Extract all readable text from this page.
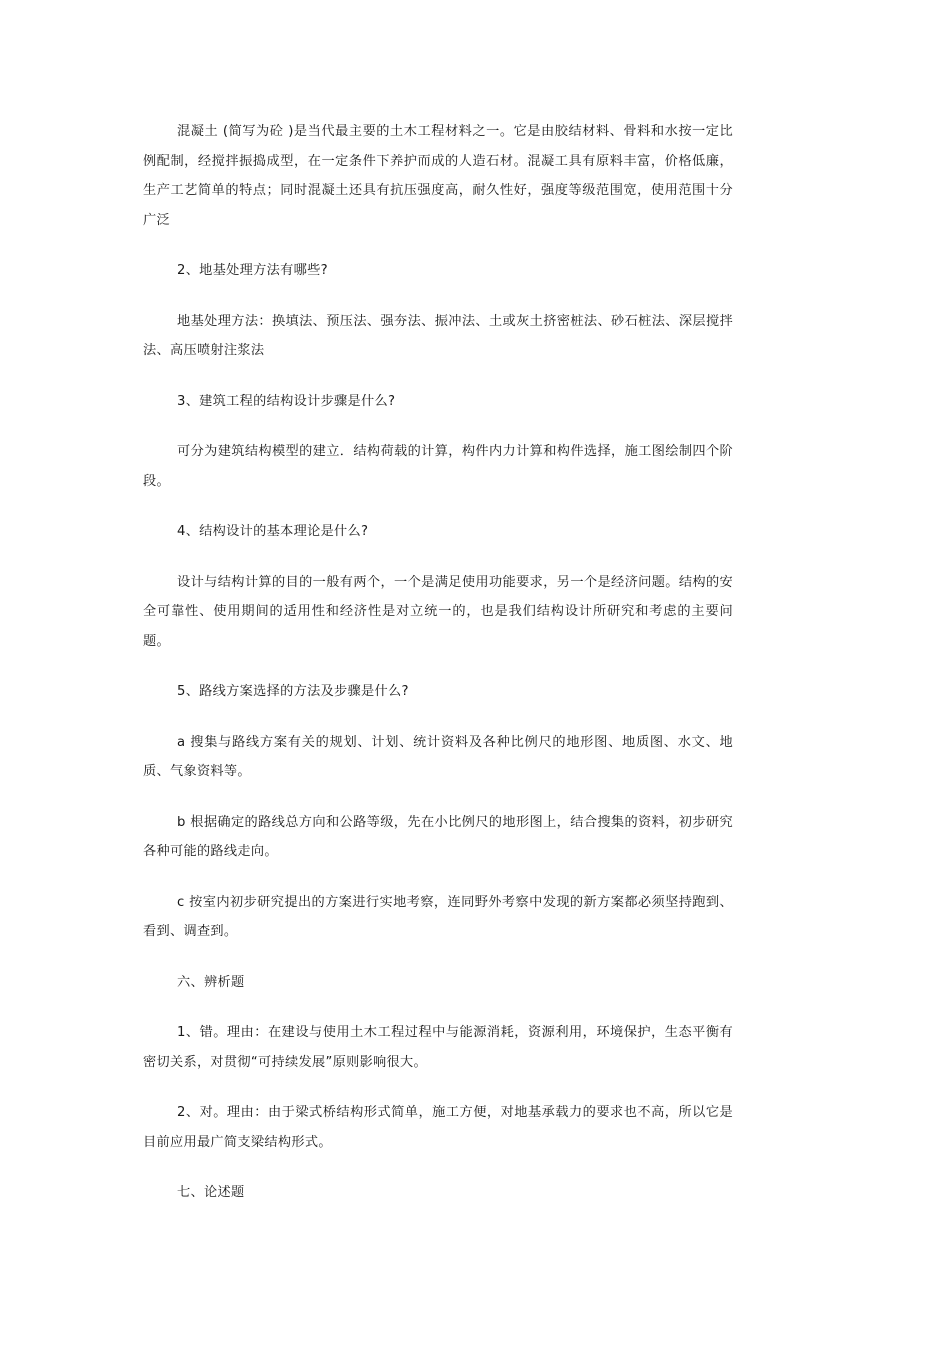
混凝土 (简写为砼 )是当代最主要的土木工程材料之一。它是由胶结材料、骨料和水按一定比例配制，经搅拌振捣成型，在一定条件下养护而成的人造石材。混凝工具有原料丰富，价格低廉，生产工艺简单的特点；同时混凝土还具有抗压强度高，耐久性好，强度等级范围宽，使用范围十分广泛

2、地基处理方法有哪些?

地基处理方法：换填法、预压法、强夯法、振冲法、土或灰土挤密桩法、砂石桩法、深层搅拌法、高压喷射注浆法

3、建筑工程的结构设计步骤是什么?

可分为建筑结构模型的建立．结构荷载的计算，构件内力计算和构件选择，施工图绘制四个阶段。

4、结构设计的基本理论是什么?

设计与结构计算的目的一般有两个，一个是满足使用功能要求，另一个是经济问题。结构的安全可靠性、使用期间的适用性和经济性是对立统一的，也是我们结构设计所研究和考虑的主要问题。

5、路线方案选择的方法及步骤是什么?

a 搜集与路线方案有关的规划、计划、统计资料及各种比例尺的地形图、地质图、水文、地质、气象资料等。

b 根据确定的路线总方向和公路等级，先在小比例尺的地形图上，结合搜集的资料，初步研究各种可能的路线走向。

c 按室内初步研究提出的方案进行实地考察，连同野外考察中发现的新方案都必须坚持跑到、看到、调查到。

六、辨析题

1、错。理由：在建设与使用土木工程过程中与能源消耗，资源利用，环境保护，生态平衡有密切关系，对贯彻“可持续发展”原则影响很大。

2、对。理由：由于梁式桥结构形式简单，施工方便，对地基承载力的要求也不高，所以它是目前应用最广简支梁结构形式。

七、论述题
